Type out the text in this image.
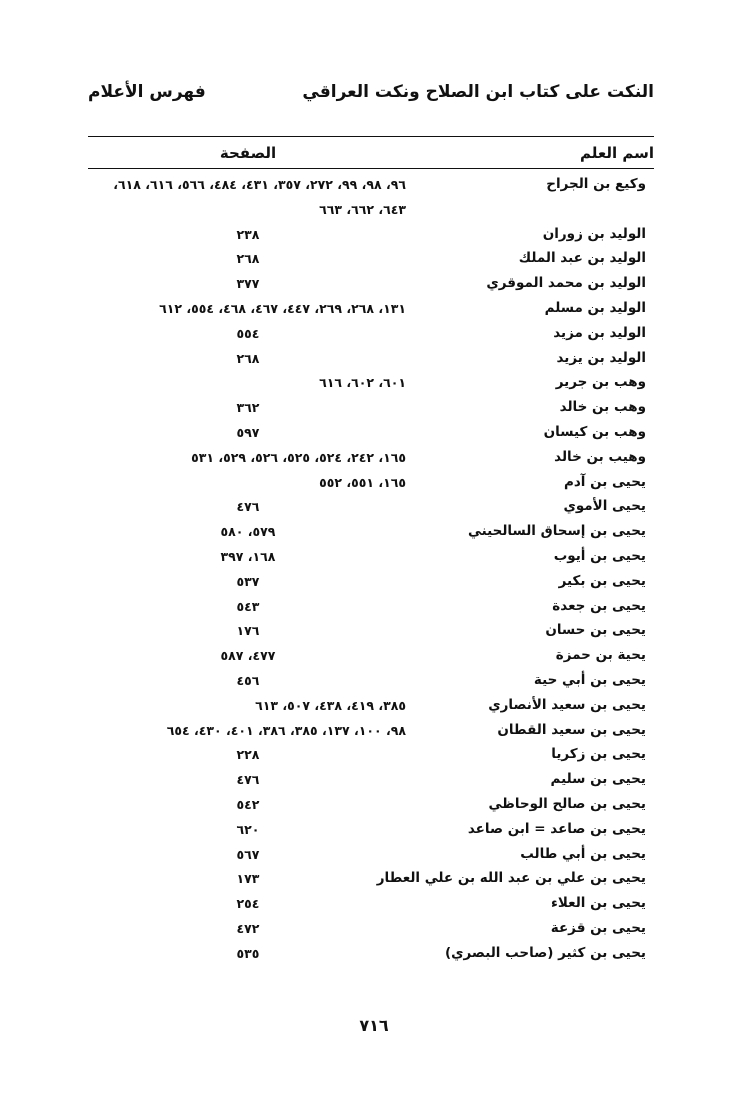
النكت على كتاب ابن الصلاح ونكت العراقي
فهرس الأعلام
اسم العلم
الصفحة
وكيع بن الجراح
٩٦، ٩٨، ٩٩، ٢٧٢، ٣٥٧، ٤٣١، ٤٨٤، ٥٦٦، ٦١٦، ٦١٨،
٦٤٣، ٦٦٢، ٦٦٣
الوليد بن زوران
٢٣٨
الوليد بن عبد الملك
٢٦٨
الوليد بن محمد الموقري
٣٧٧
الوليد بن مسلم
١٣١، ٢٦٨، ٢٦٩، ٤٤٧، ٤٦٧، ٤٦٨، ٥٥٤، ٦١٢
الوليد بن مزيد
٥٥٤
الوليد بن يزيد
٢٦٨
وهب بن جرير
٦٠١، ٦٠٢، ٦١٦
وهب بن خالد
٣٦٢
وهب بن كيسان
٥٩٧
وهيب بن خالد
١٦٥، ٢٤٢، ٥٢٤، ٥٢٥، ٥٢٦، ٥٢٩، ٥٣١
يحيى بن آدم
١٦٥، ٥٥١، ٥٥٢
يحيى الأموي
٤٧٦
يحيى بن إسحاق السالحيني
٥٧٩، ٥٨٠
يحيى بن أيوب
١٦٨، ٣٩٧
يحيى بن بكير
٥٣٧
يحيى بن جعدة
٥٤٣
يحيى بن حسان
١٧٦
يحية بن حمزة
٤٧٧، ٥٨٧
يحيى بن أبي حية
٤٥٦
يحيى بن سعيد الأنصاري
٣٨٥، ٤١٩، ٤٣٨، ٥٠٧، ٦١٣
يحيى بن سعيد القطان
٩٨، ١٠٠، ١٣٧، ٣٨٥، ٣٨٦، ٤٠١، ٤٣٠، ٦٥٤
يحيى بن زكريا
٢٢٨
يحيى بن سليم
٤٧٦
يحيى بن صالح الوحاظي
٥٤٢
يحيى بن صاعد = ابن صاعد
٦٢٠
يحيى بن أبي طالب
٥٦٧
يحيى بن علي بن عبد الله بن علي العطار
١٧٣
يحيى بن العلاء
٢٥٤
يحيى بن قزعة
٤٧٢
يحيى بن كثير (صاحب البصري)
٥٣٥
٧١٦
